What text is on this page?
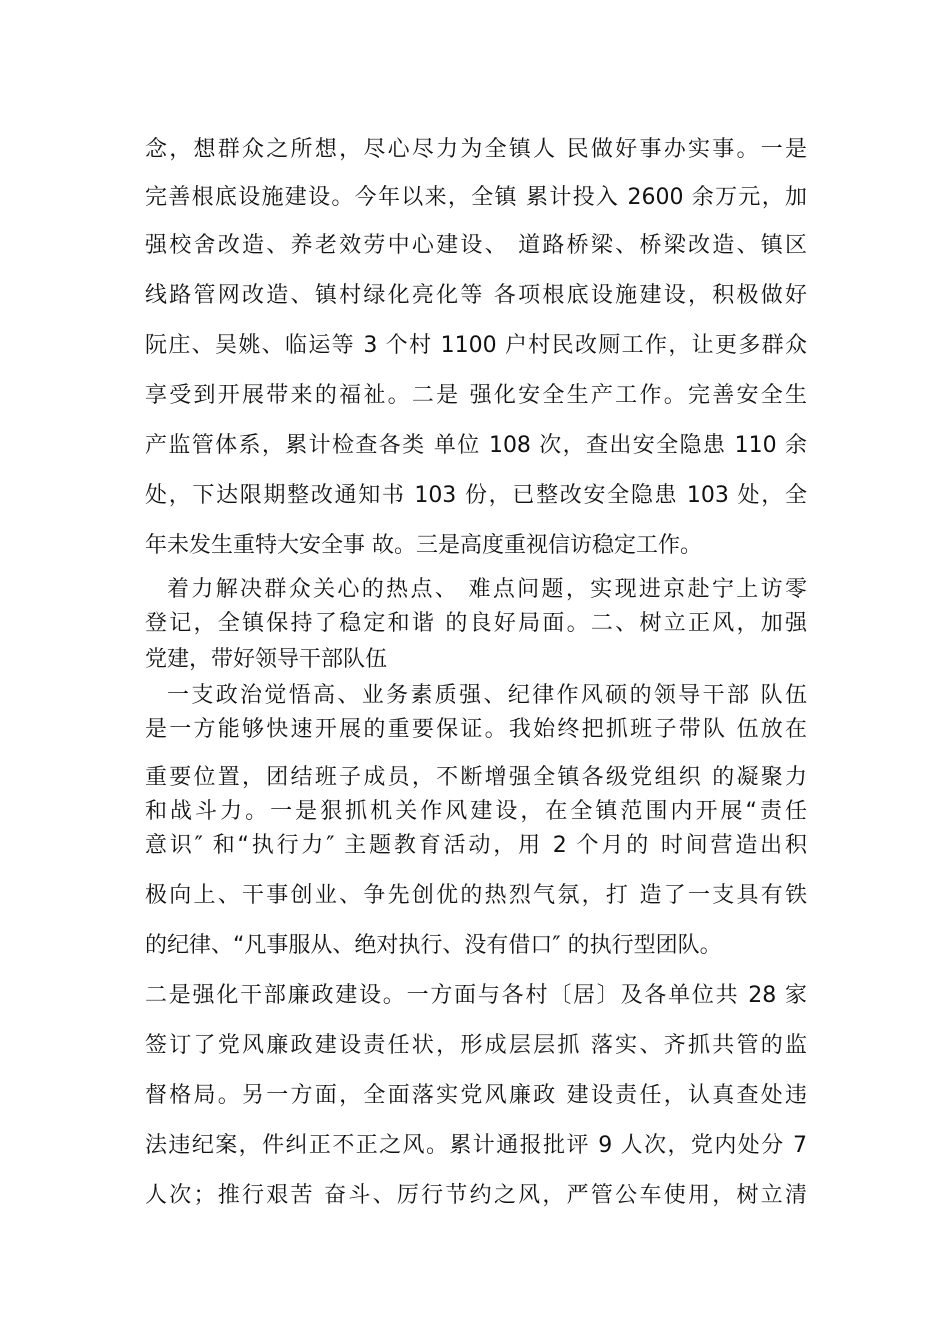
念，想群众之所想，尽心尽力为全镇人 民做好事办实事。一是
完善根底设施建设。今年以来，全镇 累计投入 2600 余万元，加
强校舍改造、养老效劳中心建设、 道路桥梁、桥梁改造、镇区
线路管网改造、镇村绿化亮化等 各项根底设施建设，积极做好
阮庄、吴姚、临运等 3 个村 1100 户村民改厕工作，让更多群众
享受到开展带来的福祉。二是 强化安全生产工作。完善安全生
产监管体系，累计检查各类 单位 108 次，查出安全隐患 110 余
处，下达限期整改通知书 103 份，已整改安全隐患 103 处，全
年未发生重特大安全事 故。三是高度重视信访稳定工作。
着力解决群众关心的热点、 难点问题，实现进京赴宁上访零
登记，全镇保持了稳定和谐 的良好局面。二、树立正风，加强
党建，带好领导干部队伍
一支政治觉悟高、业务素质强、纪律作风硕的领导干部 队伍
是一方能够快速开展的重要保证。我始终把抓班子带队 伍放在
重要位置，团结班子成员，不断增强全镇各级党组织 的凝聚力
和战斗力。一是狠抓机关作风建设，在全镇范围内开展“责任
意识″ 和“执行力″ 主题教育活动，用 2 个月的 时间营造出积
极向上、干事创业、争先创优的热烈气氛，打 造了一支具有铁
的纪律、“凡事服从、绝对执行、没有借口″ 的执行型团队。
二是强化干部廉政建设。一方面与各村〔居〕及各单位共 28 家
签订了党风廉政建设责任状，形成层层抓 落实、齐抓共管的监
督格局。另一方面，全面落实党风廉政 建设责任，认真查处违
法违纪案，件纠正不正之风。累计通报批评 9 人次，党内处分 7
人次；推行艰苦 奋斗、厉行节约之风，严管公车使用，树立清
